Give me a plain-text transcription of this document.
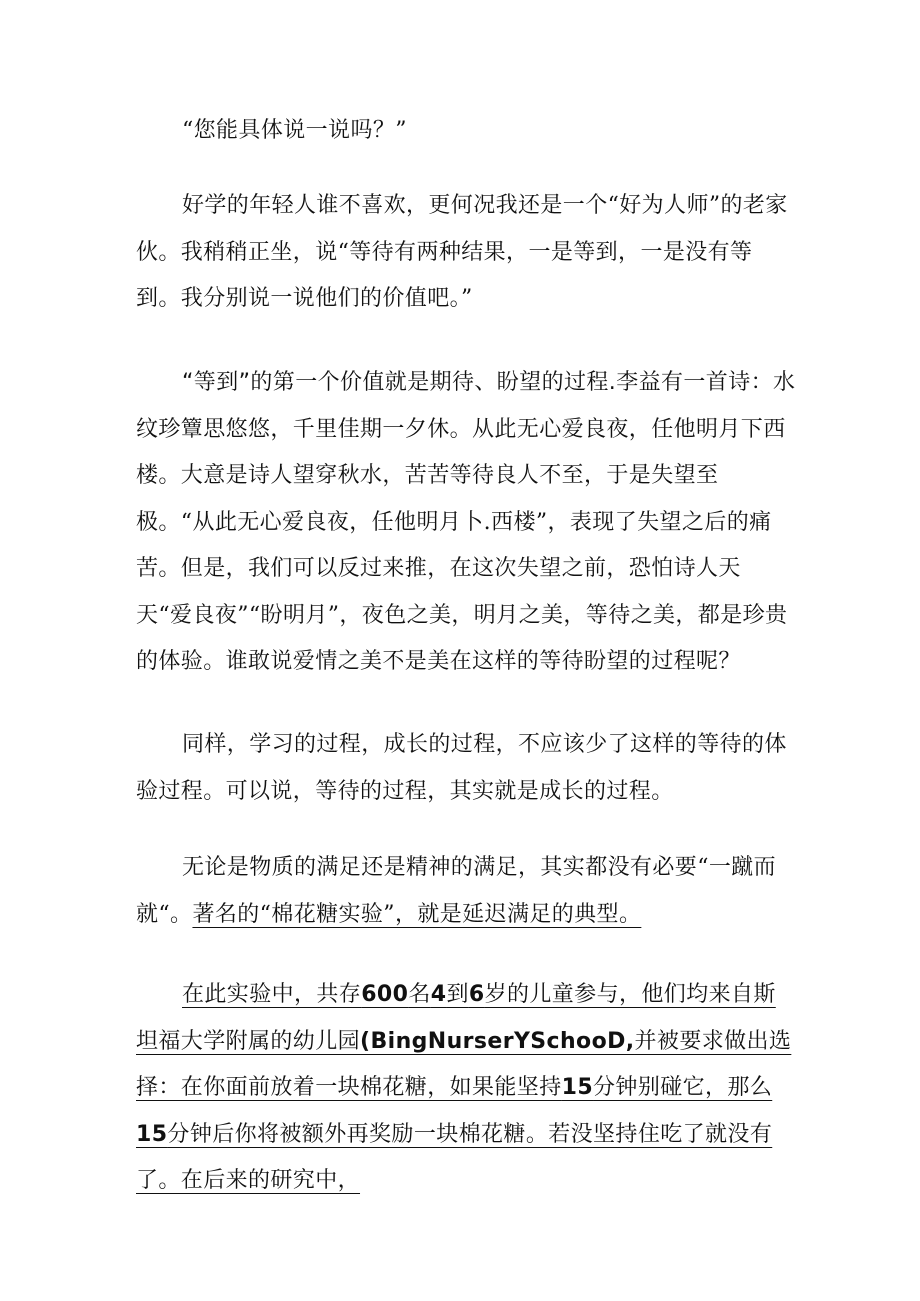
“您能具体说一说吗？”

好学的年轻人谁不喜欢，更何况我还是一个“好为人师”的老家伙。我稍稍正坐，说“等待有两种结果，一是等到，一是没有等到。我分别说一说他们的价值吧。”

“等到”的第一个价值就是期待、盼望的过程.李益有一首诗：水纹珍簟思悠悠，千里佳期一夕休。从此无心爱良夜，任他明月下西楼。大意是诗人望穿秋水，苦苦等待良人不至，于是失望至极。“从此无心爱良夜，任他明月卜.西楼”，表现了失望之后的痛苦。但是，我们可以反过来推，在这次失望之前，恐怕诗人天天“爱良夜”“盼明月”，夜色之美，明月之美，等待之美，都是珍贵的体验。谁敢说爱情之美不是美在这样的等待盼望的过程呢？

同样，学习的过程，成长的过程，不应该少了这样的等待的体验过程。可以说，等待的过程，其实就是成长的过程。

无论是物质的满足还是精神的满足，其实都没有必要“一蹴而就“。著名的“棉花糖实验”，就是延迟满足的典型。

在此实验中，共存600名4到6岁的儿童参与，他们均来自斯坦福大学附属的幼儿园(BingNurserYSchooD,并被要求做出选择：在你面前放着一块棉花糖，如果能坚持15分钟别碰它，那么15分钟后你将被额外再奖励一块棉花糖。若没坚持住吃了就没有了。在后来的研究中，
